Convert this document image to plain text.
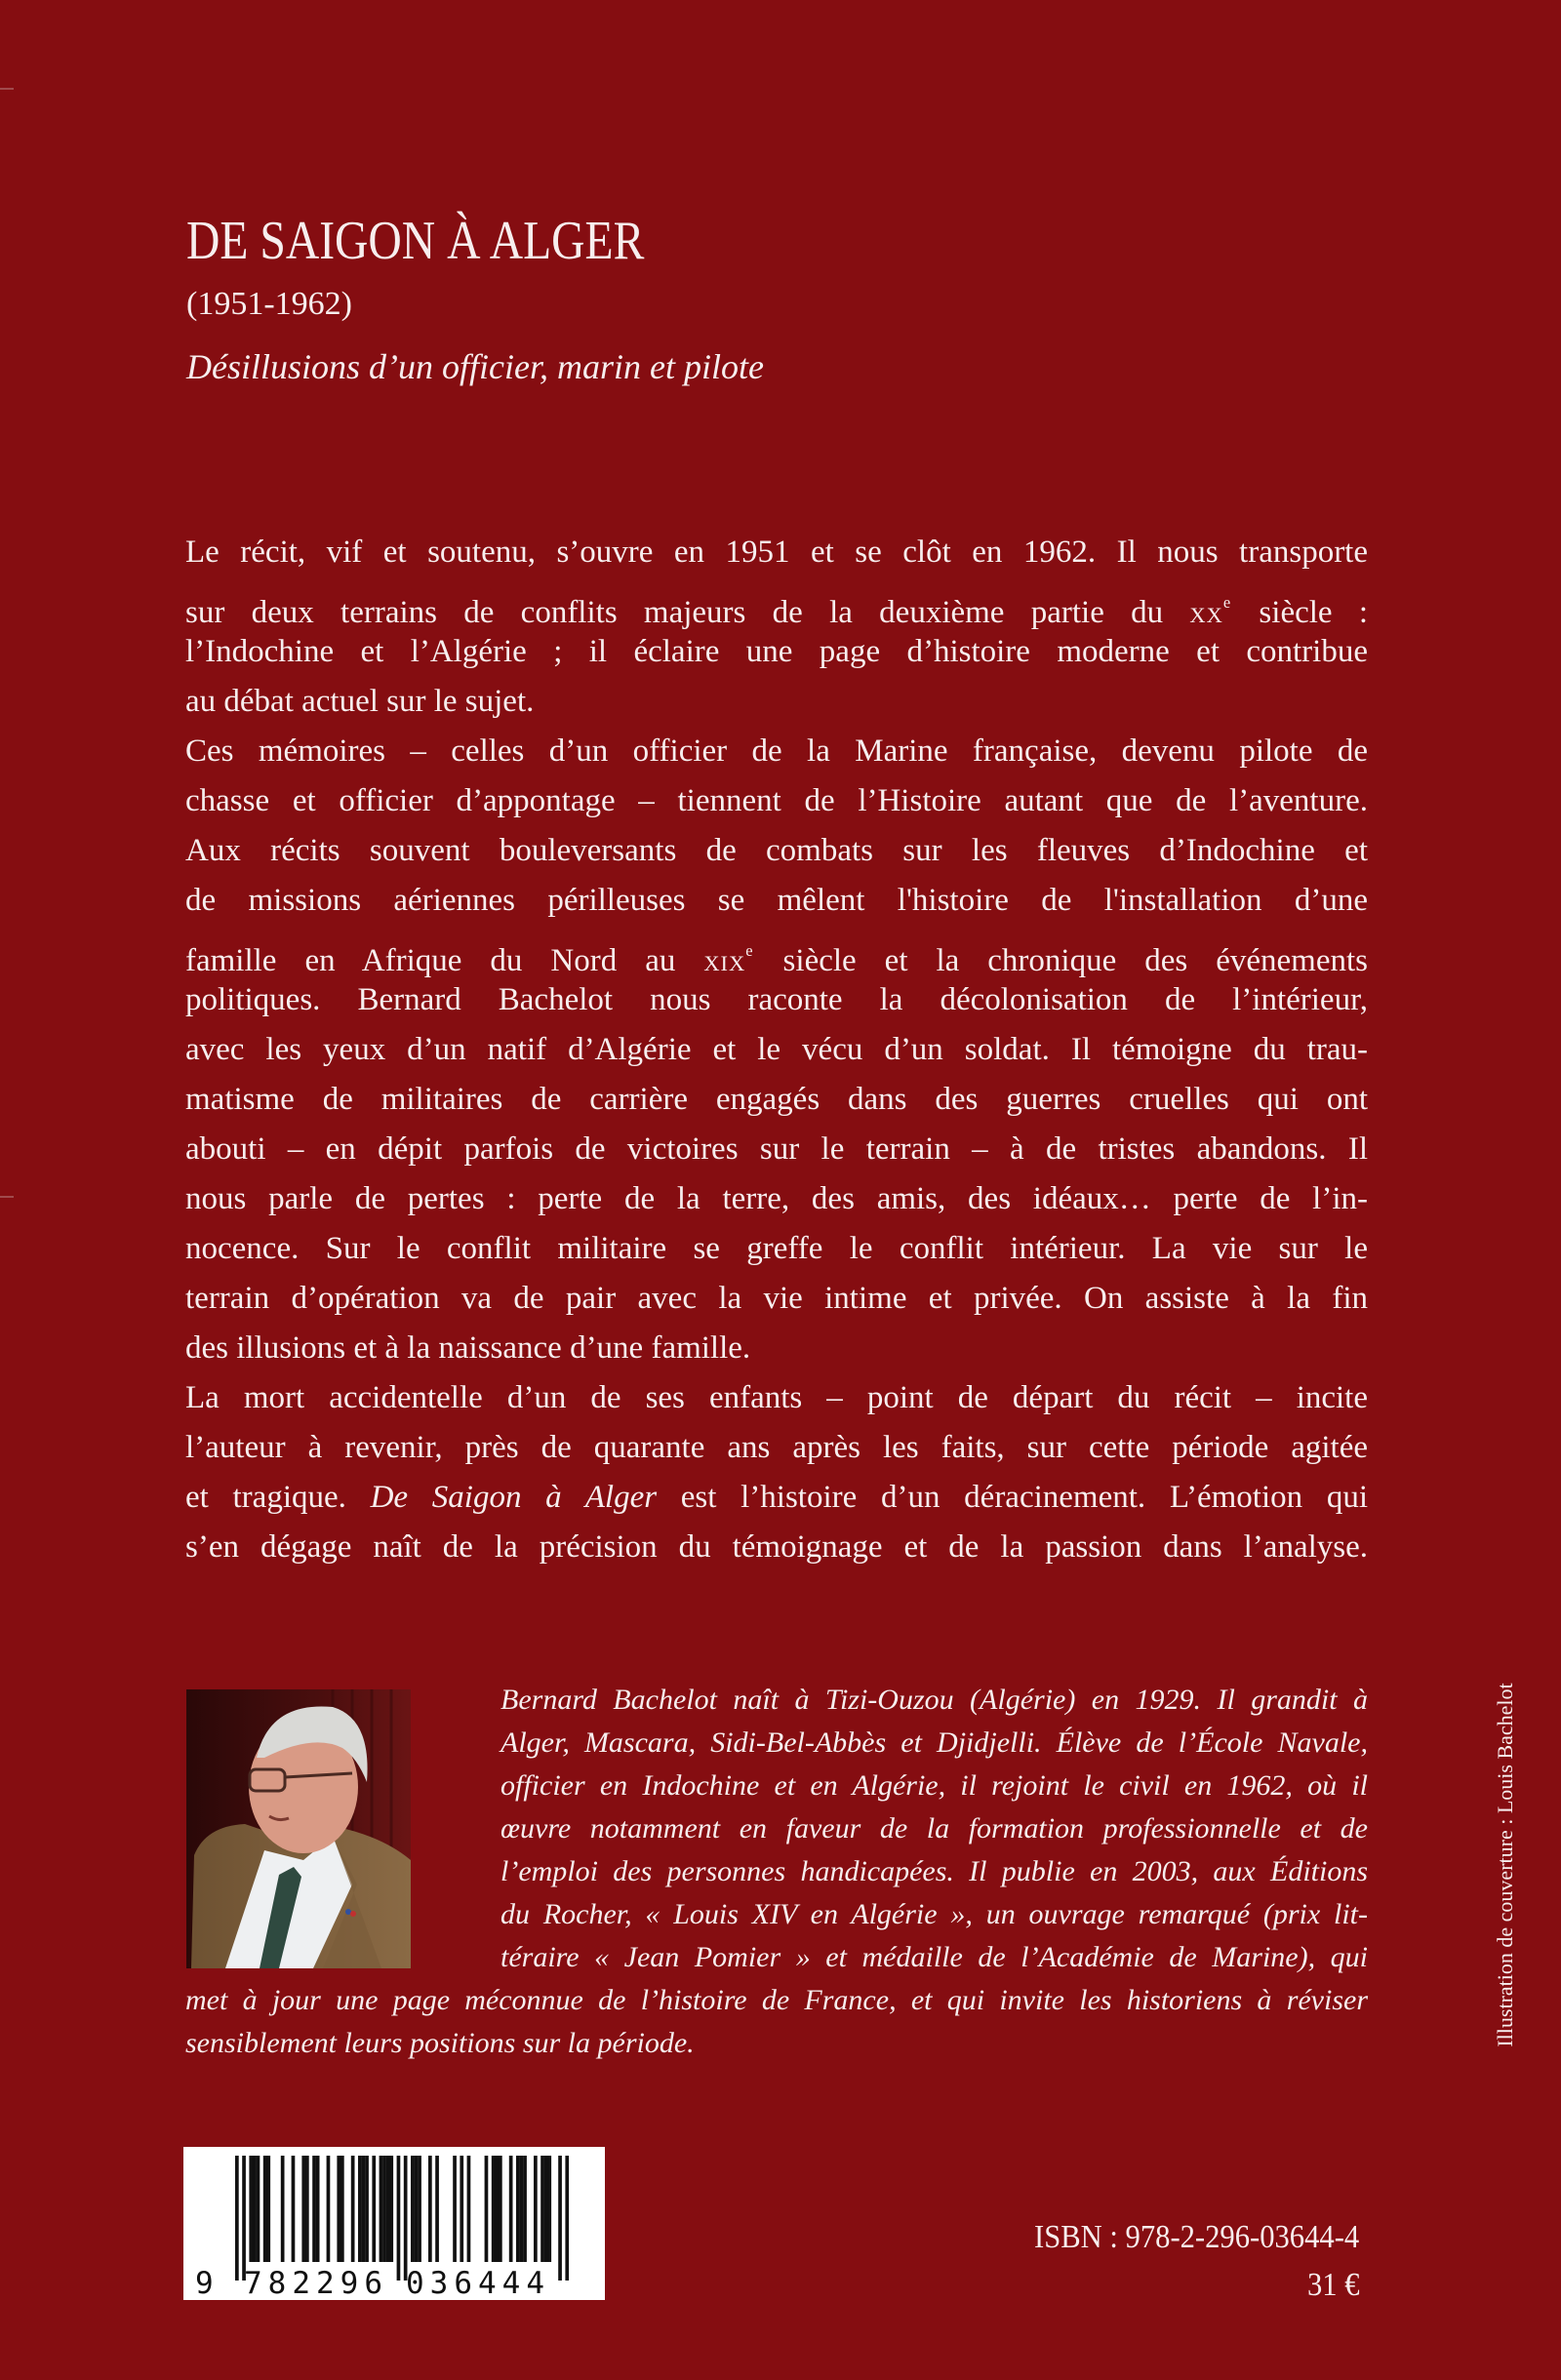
DE SAIGON À ALGER
(1951-1962)
Désillusions d’un officier, marin et pilote
Le récit, vif et soutenu, s’ouvre en 1951 et se clôt en 1962. Il nous transporte
sur deux terrains de conflits majeurs de la deuxième partie du XXe siècle :
l’Indochine et l’Algérie ; il éclaire une page d’histoire moderne et contribue
au débat actuel sur le sujet.
Ces mémoires – celles d’un officier de la Marine française, devenu pilote de
chasse et officier d’appontage – tiennent de l’Histoire autant que de l’aventure.
Aux récits souvent bouleversants de combats sur les fleuves d’Indochine et
de missions aériennes périlleuses se mêlent l'histoire de l'installation d’une
famille en Afrique du Nord au XIXe siècle et la chronique des événements
politiques. Bernard Bachelot nous raconte la décolonisation de l’intérieur,
avec les yeux d’un natif d’Algérie et le vécu d’un soldat. Il témoigne du trau-
matisme de militaires de carrière engagés dans des guerres cruelles qui ont
abouti – en dépit parfois de victoires sur le terrain – à de tristes abandons. Il
nous parle de pertes : perte de la terre, des amis, des idéaux… perte de l’in-
nocence. Sur le conflit militaire se greffe le conflit intérieur. La vie sur le
terrain d’opération va de pair avec la vie intime et privée. On assiste à la fin
des illusions et à la naissance d’une famille.
La mort accidentelle d’un de ses enfants – point de départ du récit – incite
l’auteur à revenir, près de quarante ans après les faits, sur cette période agitée
et tragique. De Saigon à Alger est l’histoire d’un déracinement. L’émotion qui
s’en dégage naît de la précision du témoignage et de la passion dans l’analyse.
Bernard Bachelot naît à Tizi-Ouzou (Algérie) en 1929. Il grandit à
Alger, Mascara, Sidi-Bel-Abbès et Djidjelli. Élève de l’École Navale,
officier en Indochine et en Algérie, il rejoint le civil en 1962, où il
œuvre notamment en faveur de la formation professionnelle et de
l’emploi des personnes handicapées. Il publie en 2003, aux Éditions
du Rocher, « Louis XIV en Algérie », un ouvrage remarqué (prix lit-
téraire « Jean Pomier » et médaille de l’Académie de Marine), qui
met à jour une page méconnue de l’histoire de France, et qui invite les historiens à réviser
sensiblement leurs positions sur la période.	Illustration de couverture : Louis Bachelot
9 782296 036444
ISBN : 978-2-296-03644-4
31 €
